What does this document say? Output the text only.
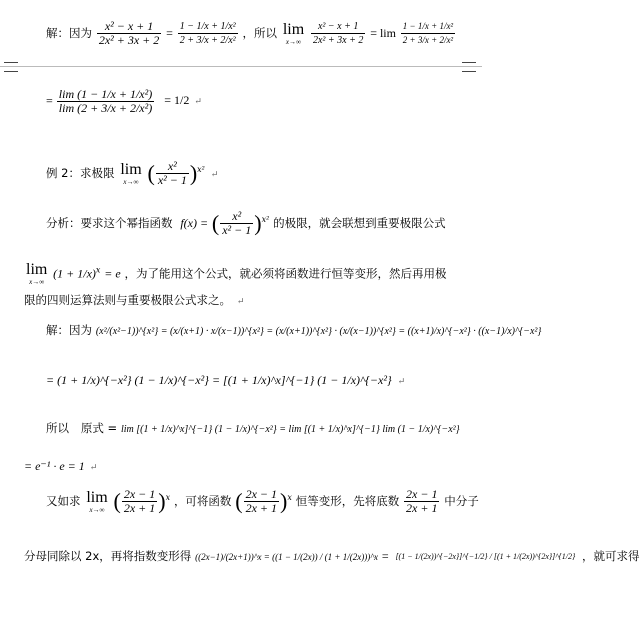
解：因为 $\frac{\text{x² − x + 1}}{\text{2x² + 3x + 2}} = \frac{\text{1 − 1/x + 1/x²}}{\text{2 + 3/x + 2/x²}}$ ，所以 lim
x→∞
$\frac{\text{x² − x + 1}}{\text{2x² + 3x + 2}} = \lim \frac{\text{1 − 1/x + 1/x²}}{\text{2 + 3/x + 2/x²}}$
= $\frac{\text{lim (1 − 1/x + 1/x²)}}{\text{lim (2 + 3/x + 2/x²)}} = 1/2$ ↵
例 2：求极限 lim
x→∞ ( $\frac{\text{x²}}{\text{x² − 1}} )^{x^2}$ ↵
分析：要求这个幂指函数 f(x) = ( $\frac{\text{x²}}{\text{x² − 1}} )^{x^2}$ 的极限，就会联想到重要极限公式
lim
x→∞
$(1 + 1/x)^x = e$ ，为了能用这个公式，就必须将函数进行恒等变形，然后再用极
限的四则运算法则与重要极限公式求之。 ↵
解：因为 (x²/(x²−1))^{x²} = (x/(x+1) · x/(x−1))^{x²} = (x/(x+1))^{x²} · (x/(x−1))^{x²} = ((x+1)/x)^{−x²} · ((x−1)/x)^{−x²}
= (1 + 1/x)^{−x²} (1 − 1/x)^{−x²} = [(1 + 1/x)^x]^{−1} (1 − 1/x)^{−x²} ↵
所以 原式 = lim [(1 + 1/x)^x]^{−1} (1 − 1/x)^{−x²} = lim [(1 + 1/x)^x]^{−1} lim (1 − 1/x)^{−x²}
= e⁻¹ · e = 1 ↵
又如求 lim
x→∞ ( $\frac{2x - 1}{2x + 1} )^x$ ，可将函数 ( $\frac{2x - 1}{2x + 1} )^x$ 恒等变形，先将底数 $\frac{2x - 1}{2x + 1}$ 中分子
分母同除以 2x，再将指数变形得 ((2x−1)/(2x+1))^x = ((1 − 1/(2x)) / (1 + 1/(2x)))^x = [(1 − 1/(2x))^{−2x}]^{−1/2} / [(1 + 1/(2x))^{2x}]^{1/2} ，就可求得
